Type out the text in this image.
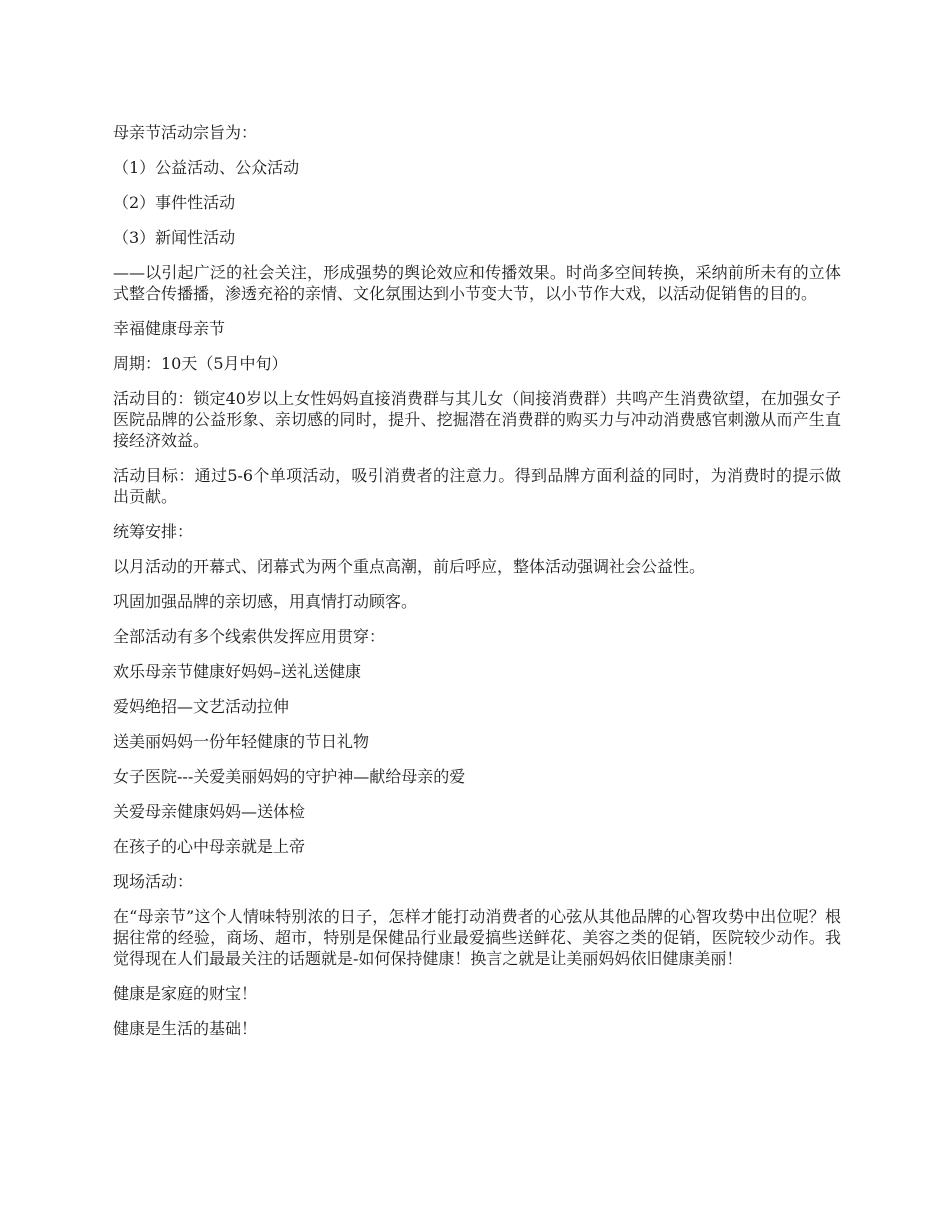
母亲节活动宗旨为：

（1）公益活动、公众活动

（2）事件性活动

（3）新闻性活动

——以引起广泛的社会关注，形成强势的舆论效应和传播效果。时尚多空间转换，采纳前所未有的立体式整合传播播，渗透充裕的亲情、文化氛围达到小节变大节，以小节作大戏，以活动促销售的目的。

幸福健康母亲节

周期：10天（5月中旬）

活动目的：锁定40岁以上女性妈妈直接消费群与其儿女（间接消费群）共鸣产生消费欲望，在加强女子医院品牌的公益形象、亲切感的同时，提升、挖掘潜在消费群的购买力与冲动消费感官刺激从而产生直接经济效益。

活动目标：通过5-6个单项活动，吸引消费者的注意力。得到品牌方面利益的同时，为消费时的提示做出贡献。

统筹安排：

以月活动的开幕式、闭幕式为两个重点高潮，前后呼应，整体活动强调社会公益性。

巩固加强品牌的亲切感，用真情打动顾客。

全部活动有多个线索供发挥应用贯穿：

欢乐母亲节健康好妈妈–送礼送健康

爱妈绝招—文艺活动拉伸

送美丽妈妈一份年轻健康的节日礼物

女子医院---关爱美丽妈妈的守护神—献给母亲的爱

关爱母亲健康妈妈—送体检

在孩子的心中母亲就是上帝

现场活动：

在“母亲节”这个人情味特别浓的日子，怎样才能打动消费者的心弦从其他品牌的心智攻势中出位呢？根据往常的经验，商场、超市，特别是保健品行业最爱搞些送鲜花、美容之类的促销，医院较少动作。我觉得现在人们最最关注的话题就是-如何保持健康！换言之就是让美丽妈妈依旧健康美丽！

健康是家庭的财宝！

健康是生活的基础！
